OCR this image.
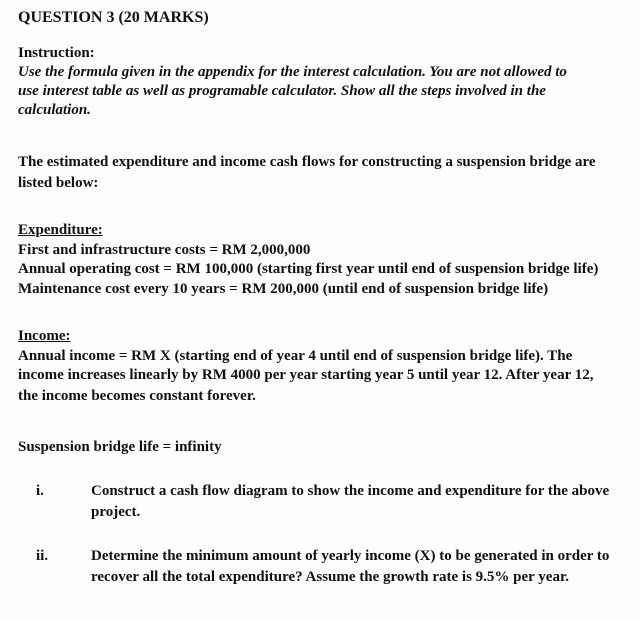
QUESTION 3 (20 MARKS)
Instruction:
Use the formula given in the appendix for the interest calculation. You are not allowed to
use interest table as well as programable calculator. Show all the steps involved in the
calculation.
The estimated expenditure and income cash flows for constructing a suspension bridge are
listed below:
Expenditure:
First and infrastructure costs = RM 2,000,000
Annual operating cost = RM 100,000 (starting first year until end of suspension bridge life)
Maintenance cost every 10 years = RM 200,000 (until end of suspension bridge life)
Income:
Annual income = RM X (starting end of year 4 until end of suspension bridge life). The
income increases linearly by RM 4000 per year starting year 5 until year 12. After year 12,
the income becomes constant forever.
Suspension bridge life = infinity
i.	Construct a cash flow diagram to show the income and expenditure for the above project.
ii.	Determine the minimum amount of yearly income (X) to be generated in order to recover all the total expenditure? Assume the growth rate is 9.5% per year.
